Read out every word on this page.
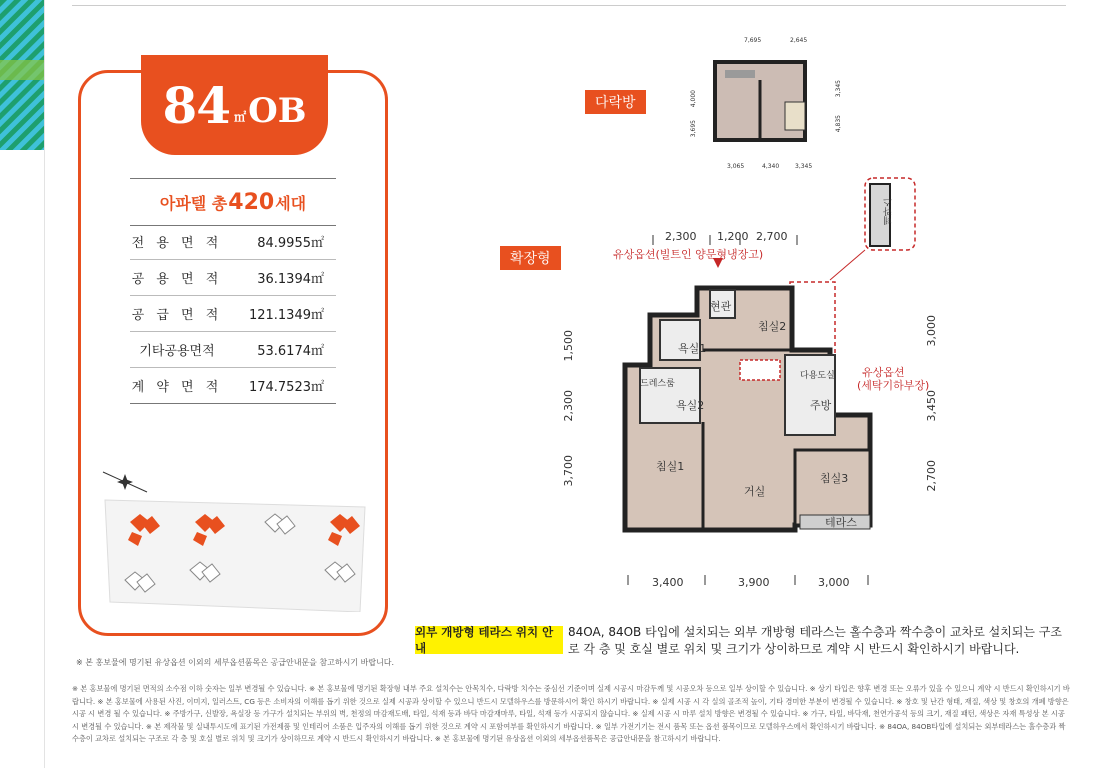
84 ㎡ OB
아파텔 총 420 세대
전 용 면 적	84.9955㎡
공 용 면 적	36.1394㎡
공 급 면 적	121.1349㎡
기타공용면적	53.6174㎡
계 약 면 적	174.7523㎡
다락방
7,695	2,645
3,065	4,340	3,345
4,000
3,695
3,345
4,835
확장형
2,300 1,200 2,700
3,400	3,900	3,000
1,500
2,300
3,700
3,000
3,450
2,700
유상옵션(빌트인 양문형냉장고)
유상옵션
(세탁기하부장)
테라스
현관
침실2
욕실1
드레스룸
욕실2
다용도실
주방
침실1
거실
침실3
테라스
외부 개방형 테라스 위치 안내
84OA, 84OB 타입에 설치되는 외부 개방형 테라스는 홀수층과 짝수층이 교차로 설치되는 구조로 각 층 및 호실 별로 위치 및 크기가 상이하므로 계약 시 반드시 확인하시기 바랍니다.
※ 본 홍보물에 명기된 유상옵션 이외의 세부옵션품목은 공급안내문을 참고하시기 바랍니다.
※ 본 홍보물에 명기된 면적의 소수점 이하 숫자는 일부 변경될 수 있습니다. ※ 본 홍보물에 명기된 확장형 내부 주요 설치수는 안목치수, 다락방 치수는 중심선 기준이며 실제 시공시 마감두께 및 시공오차 등으로 일부 상이할 수 있습니다. ※ 상기 타입은 향후 변경 또는 오류가 있을 수 있으니 계약 시 반드시 확인하시기 바랍니다. ※ 본 홍보물에 사용된 사진, 이미지, 일러스트, CG 등은 소비자의 이해를 돕기 위한 것으로 실제 시공과 상이할 수 있으니 반드시 모델하우스를 방문하시어 확인 하시기 바랍니다. ※ 실제 시공 시 각 실의 골조적 높이, 기타 경미한 부분이 변경될 수 있습니다. ※ 창호 및 난간 형태, 재질, 색상 및 창호의 개폐 방향은 시공 시 변경 될 수 있습니다. ※ 주방가구, 신발장, 욕실장 등 가구가 설치되는 부위의 벽, 천정의 마감재도배, 타일, 석재 등과 바닥 마감재마루, 타일, 석재 등가 시공되지 않습니다. ※ 실제 시공 시 마루 설치 방향은 변경될 수 있습니다. ※ 가구, 타일, 바닥재, 천연가공석 등의 크기, 재질 패턴, 색상은 자재 특성상 본 시공 시 변경될 수 있습니다. ※ 본 제작물 및 실내투시도에 표기된 가전제품 및 인테리어 소품은 입주자의 이해를 돕기 위한 것으로 계약 시 포함여부를 확인하시기 바랍니다. ※ 일부 가전기기는 전시 품목 또는 옵션 품목이므로 모델하우스에서 확인하시기 바랍니다. ※ 84OA, 84OB타입에 설치되는 외부테라스는 홀수층과 짝수층이 교차로 설치되는 구조로 각 층 및 호실 별로 위치 및 크기가 상이하므로 계약 시 반드시 확인하시기 바랍니다. ※ 본 홍보물에 명기된 유상옵션 이외의 세부옵션품목은 공급안내문을 참고하시기 바랍니다.
